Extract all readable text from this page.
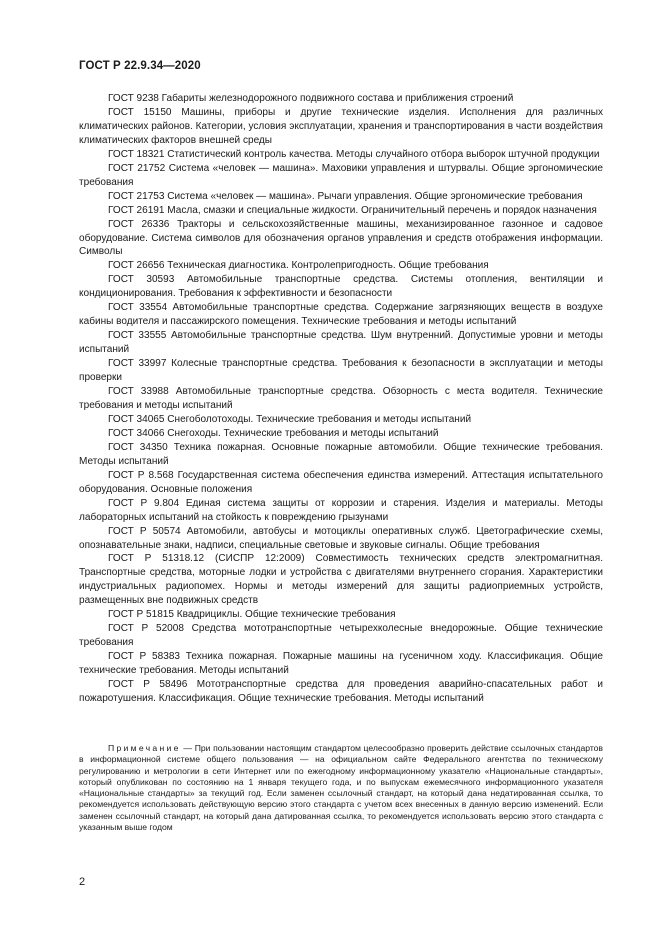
ГОСТ Р 22.9.34—2020

ГОСТ 9238 Габариты железнодорожного подвижного состава и приближения строений

ГОСТ 15150 Машины, приборы и другие технические изделия. Исполнения для различных климатических районов. Категории, условия эксплуатации, хранения и транспортирования в части воздействия климатических факторов внешней среды

ГОСТ 18321 Статистический контроль качества. Методы случайного отбора выборок штучной продукции

ГОСТ 21752 Система «человек — машина». Маховики управления и штурвалы. Общие эргономические требования

ГОСТ 21753 Система «человек — машина». Рычаги управления. Общие эргономические требования

ГОСТ 26191 Масла, смазки и специальные жидкости. Ограничительный перечень и порядок назначения

ГОСТ 26336 Тракторы и сельскохозяйственные машины, механизированное газонное и садовое оборудование. Система символов для обозначения органов управления и средств отображения информации. Символы

ГОСТ 26656 Техническая диагностика. Контролепригодность. Общие требования

ГОСТ 30593 Автомобильные транспортные средства. Системы отопления, вентиляции и кондиционирования. Требования к эффективности и безопасности

ГОСТ 33554 Автомобильные транспортные средства. Содержание загрязняющих веществ в воздухе кабины водителя и пассажирского помещения. Технические требования и методы испытаний

ГОСТ 33555 Автомобильные транспортные средства. Шум внутренний. Допустимые уровни и методы испытаний

ГОСТ 33997 Колесные транспортные средства. Требования к безопасности в эксплуатации и методы проверки

ГОСТ 33988 Автомобильные транспортные средства. Обзорность с места водителя. Технические требования и методы испытаний

ГОСТ 34065 Снегоболотоходы. Технические требования и методы испытаний

ГОСТ 34066 Снегоходы. Технические требования и методы испытаний

ГОСТ 34350 Техника пожарная. Основные пожарные автомобили. Общие технические требования. Методы испытаний

ГОСТ Р 8.568 Государственная система обеспечения единства измерений. Аттестация испытательного оборудования. Основные положения

ГОСТ Р 9.804 Единая система защиты от коррозии и старения. Изделия и материалы. Методы лабораторных испытаний на стойкость к повреждению грызунами

ГОСТ Р 50574 Автомобили, автобусы и мотоциклы оперативных служб. Цветографические схемы, опознавательные знаки, надписи, специальные световые и звуковые сигналы. Общие требования

ГОСТ Р 51318.12 (СИСПР 12:2009) Совместимость технических средств электромагнитная. Транспортные средства, моторные лодки и устройства с двигателями внутреннего сгорания. Характеристики индустриальных радиопомех. Нормы и методы измерений для защиты радиоприемных устройств, размещенных вне подвижных средств

ГОСТ Р 51815 Квадрициклы. Общие технические требования

ГОСТ Р 52008 Средства мототранспортные четырехколесные внедорожные. Общие технические требования

ГОСТ Р 58383 Техника пожарная. Пожарные машины на гусеничном ходу. Классификация. Общие технические требования. Методы испытаний

ГОСТ Р 58496 Мототранспортные средства для проведения аварийно-спасательных работ и пожаротушения. Классификация. Общие технические требования. Методы испытаний

Примечание — При пользовании настоящим стандартом целесообразно проверить действие ссылочных стандартов в информационной системе общего пользования — на официальном сайте Федерального агентства по техническому регулированию и метрологии в сети Интернет или по ежегодному информационному указателю «Национальные стандарты», который опубликован по состоянию на 1 января текущего года, и по выпускам ежемесячного информационного указателя «Национальные стандарты» за текущий год. Если заменен ссылочный стандарт, на который дана недатированная ссылка, то рекомендуется использовать действующую версию этого стандарта с учетом всех внесенных в данную версию изменений. Если заменен ссылочный стандарт, на который дана датированная ссылка, то рекомендуется использовать версию этого стандарта с указанным выше годом
2
